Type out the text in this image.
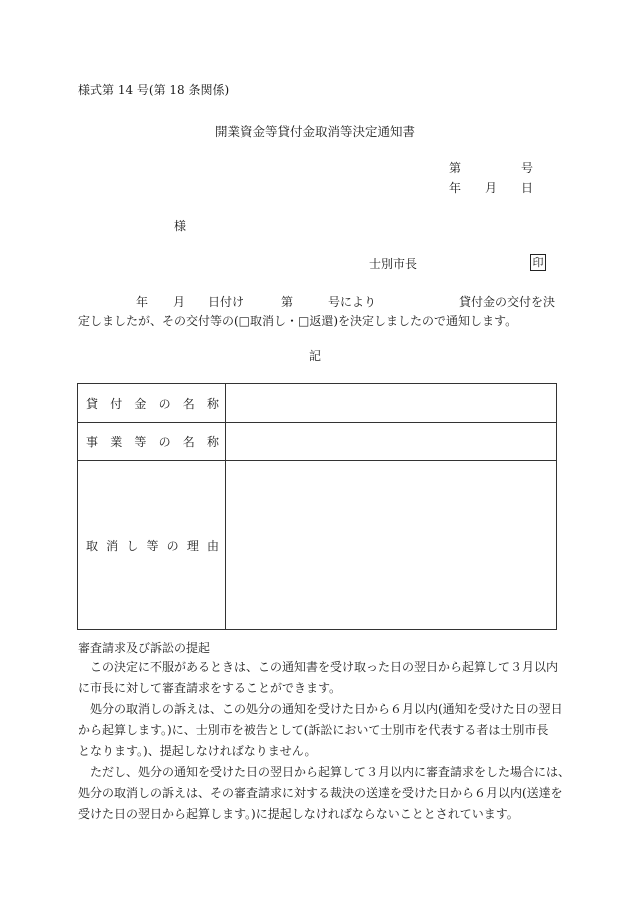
様式第 14 号(第 18 条関係)
開業資金等貸付金取消等決定通知書
第	号
年 月 日
様
士別市長	印
年 月 日付け	第	号により	貸付金の交付を決
定しましたが、その交付等の(□取消し・□返還)を決定しましたので通知します。
記
貸付金の名称	
事業等の名称	
取消し等の理由	
審査請求及び訴訟の提起
　この決定に不服があるときは、この通知書を受け取った日の翌日から起算して３月以内
に市長に対して審査請求をすることができます。
　処分の取消しの訴えは、この処分の通知を受けた日から６月以内(通知を受けた日の翌日
から起算します。)に、士別市を被告として(訴訟において士別市を代表する者は士別市長
となります。)、提起しなければなりません。
　ただし、処分の通知を受けた日の翌日から起算して３月以内に審査請求をした場合には、
処分の取消しの訴えは、その審査請求に対する裁決の送達を受けた日から６月以内(送達を
受けた日の翌日から起算します。)に提起しなければならないこととされています。
